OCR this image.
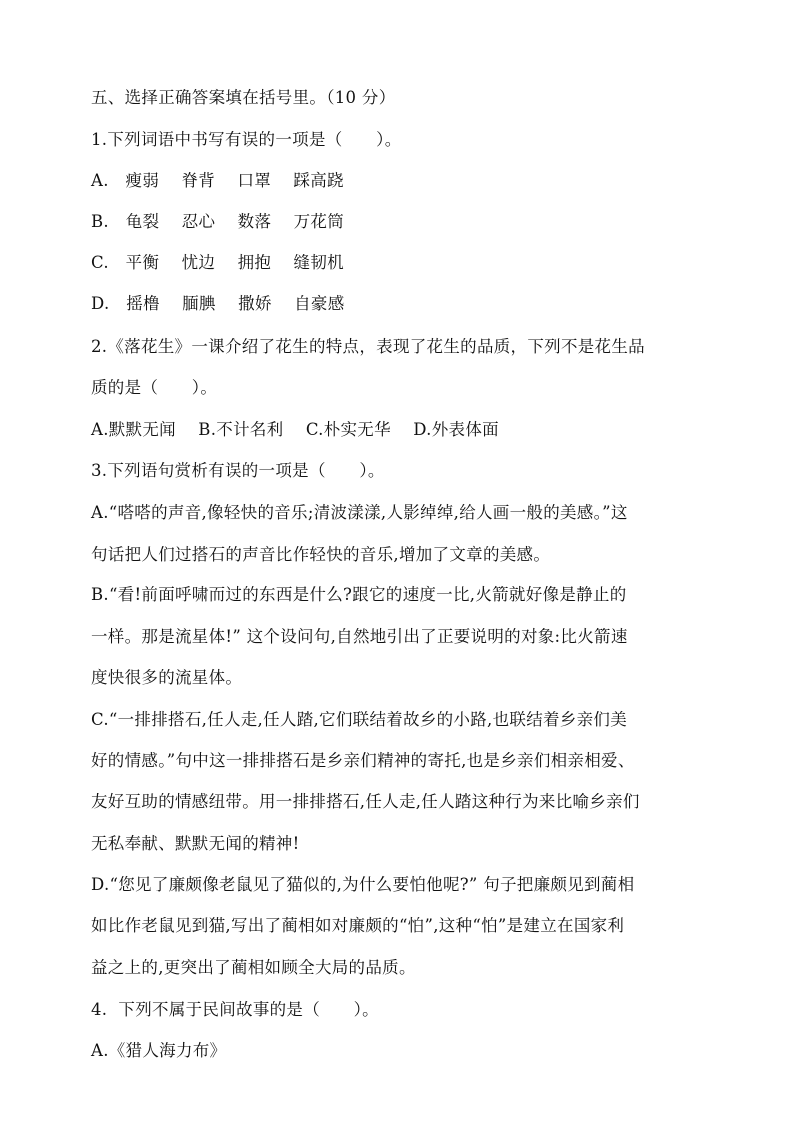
五、选择正确答案填在括号里。（10 分）
1.下列词语中书写有误的一项是（　　）。
A.　瘦弱　 脊背　 口罩　 踩高跷
B.　龟裂　 忍心　 数落　 万花筒
C.　平衡　 忧边　 拥抱　 缝韧机
D.　摇橹　 腼腆　 撒娇　 自豪感
2.《落花生》一课介绍了花生的特点，表现了花生的品质，下列不是花生品
质的是（　　）。
A.默默无闻　 B.不计名利　 C.朴实无华　 D.外表体面
3.下列语句赏析有误的一项是（　　）。
A.“嗒嗒的声音,像轻快的音乐;清波漾漾,人影绰绰,给人画一般的美感。”这
句话把人们过搭石的声音比作轻快的音乐,增加了文章的美感。
B.“看!前面呼啸而过的东西是什么?跟它的速度一比,火箭就好像是静止的
一样。那是流星体!” 这个设问句,自然地引出了正要说明的对象:比火箭速
度快很多的流星体。
C.“一排排搭石,任人走,任人踏,它们联结着故乡的小路,也联结着乡亲们美
好的情感。”句中这一排排搭石是乡亲们精神的寄托,也是乡亲们相亲相爱、
友好互助的情感纽带。用一排排搭石,任人走,任人踏这种行为来比喻乡亲们
无私奉献、默默无闻的精神!
D.“您见了廉颇像老鼠见了猫似的,为什么要怕他呢?” 句子把廉颇见到蔺相
如比作老鼠见到猫,写出了蔺相如对廉颇的“怕”,这种“怕”是建立在国家利
益之上的,更突出了蔺相如顾全大局的品质。
4.  下列不属于民间故事的是（　　）。
A.《猎人海力布》
